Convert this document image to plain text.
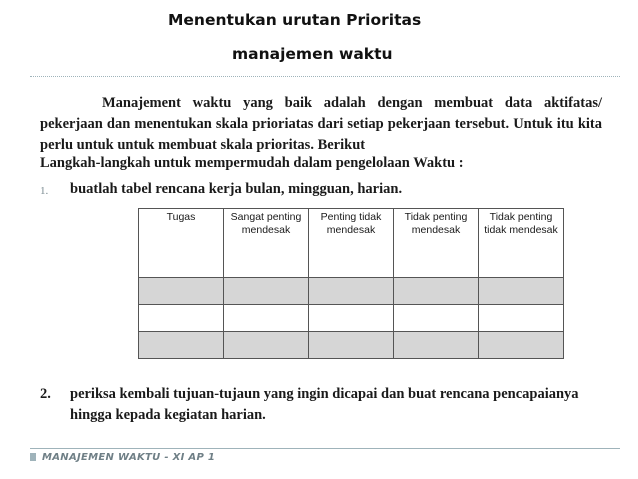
Menentukan urutan Prioritas
manajemen waktu
Manajement waktu yang baik adalah dengan membuat data aktifatas/ pekerjaan dan menentukan skala prioriatas dari setiap pekerjaan tersebut. Untuk itu kita perlu untuk untuk membuat skala prioritas. Berikut
Langkah-langkah untuk mempermudah dalam pengelolaan Waktu :
1. buatlah tabel rencana kerja bulan, mingguan, harian.
Tugas	Sangat penting mendesak	Penting tidak mendesak	Tidak penting mendesak	Tidak penting tidak mendesak

2. periksa kembali tujuan-tujaun yang ingin dicapai dan buat rencana pencapaianya hingga kepada kegiatan harian.
MANAJEMEN WAKTU - XI AP 1
